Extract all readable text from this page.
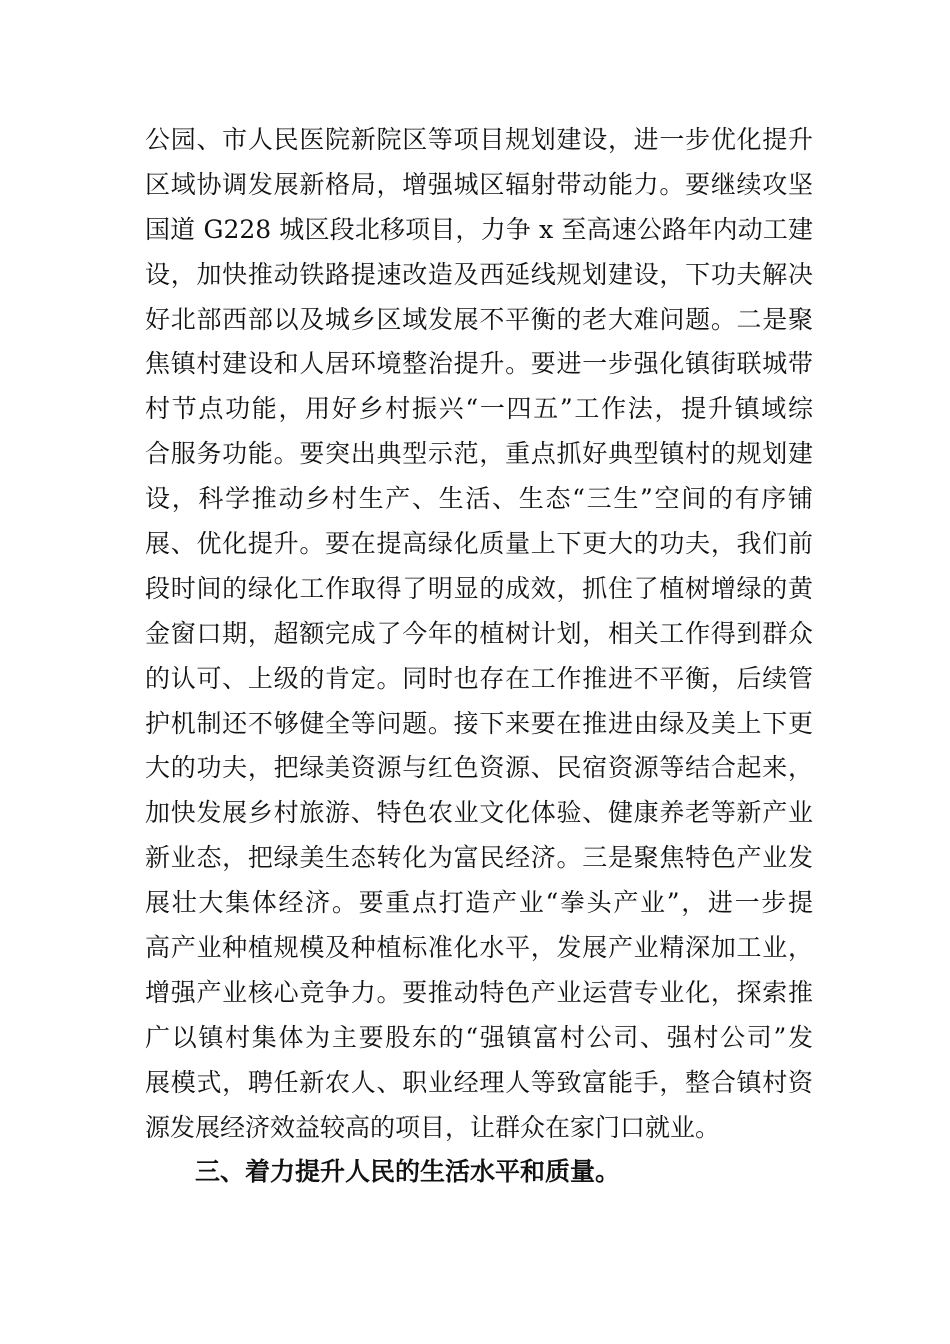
公园、市人民医院新院区等项目规划建设，进一步优化提升
区域协调发展新格局，增强城区辐射带动能力。要继续攻坚
国道 G228 城区段北移项目，力争 x 至高速公路年内动工建
设，加快推动铁路提速改造及西延线规划建设，下功夫解决
好北部西部以及城乡区域发展不平衡的老大难问题。二是聚
焦镇村建设和人居环境整治提升。要进一步强化镇街联城带
村节点功能，用好乡村振兴“一四五”工作法，提升镇域综
合服务功能。要突出典型示范，重点抓好典型镇村的规划建
设，科学推动乡村生产、生活、生态“三生”空间的有序铺
展、优化提升。要在提高绿化质量上下更大的功夫，我们前
段时间的绿化工作取得了明显的成效，抓住了植树增绿的黄
金窗口期，超额完成了今年的植树计划，相关工作得到群众
的认可、上级的肯定。同时也存在工作推进不平衡，后续管
护机制还不够健全等问题。接下来要在推进由绿及美上下更
大的功夫，把绿美资源与红色资源、民宿资源等结合起来，
加快发展乡村旅游、特色农业文化体验、健康养老等新产业
新业态，把绿美生态转化为富民经济。三是聚焦特色产业发
展壮大集体经济。要重点打造产业“拳头产业”，进一步提
高产业种植规模及种植标准化水平，发展产业精深加工业，
增强产业核心竞争力。要推动特色产业运营专业化，探索推
广以镇村集体为主要股东的“强镇富村公司、强村公司”发
展模式，聘任新农人、职业经理人等致富能手，整合镇村资
源发展经济效益较高的项目，让群众在家门口就业。
三、着力提升人民的生活水平和质量。
